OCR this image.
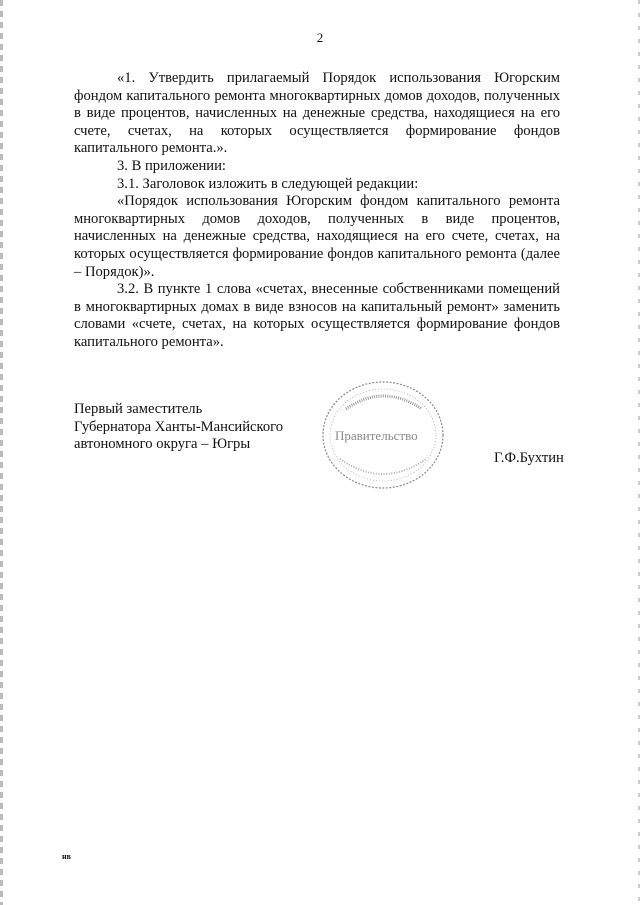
2

«1. Утвердить прилагаемый Порядок использования Югорским фондом капитального ремонта многоквартирных домов доходов, полученных в виде процентов, начисленных на денежные средства, находящиеся на его счете, счетах, на которых осуществляется формирование фондов капитального ремонта.».

3. В приложении:

3.1. Заголовок изложить в следующей редакции:

«Порядок использования Югорским фондом капитального ремонта многоквартирных домов доходов, полученных в виде процентов, начисленных на денежные средства, находящиеся на его счете, счетах, на которых осуществляется формирование фондов капитального ремонта (далее – Порядок)».

3.2. В пункте 1 слова «счетах, внесенные собственниками помещений в многоквартирных домах в виде взносов на капитальный ремонт» заменить словами «счете, счетах, на которых осуществляется формирование фондов капитального ремонта».

Первый заместитель
Губернатора Ханты-Мансийского
автономного округа – Югры
Правительство
Г.Ф.Бухтин
нв
